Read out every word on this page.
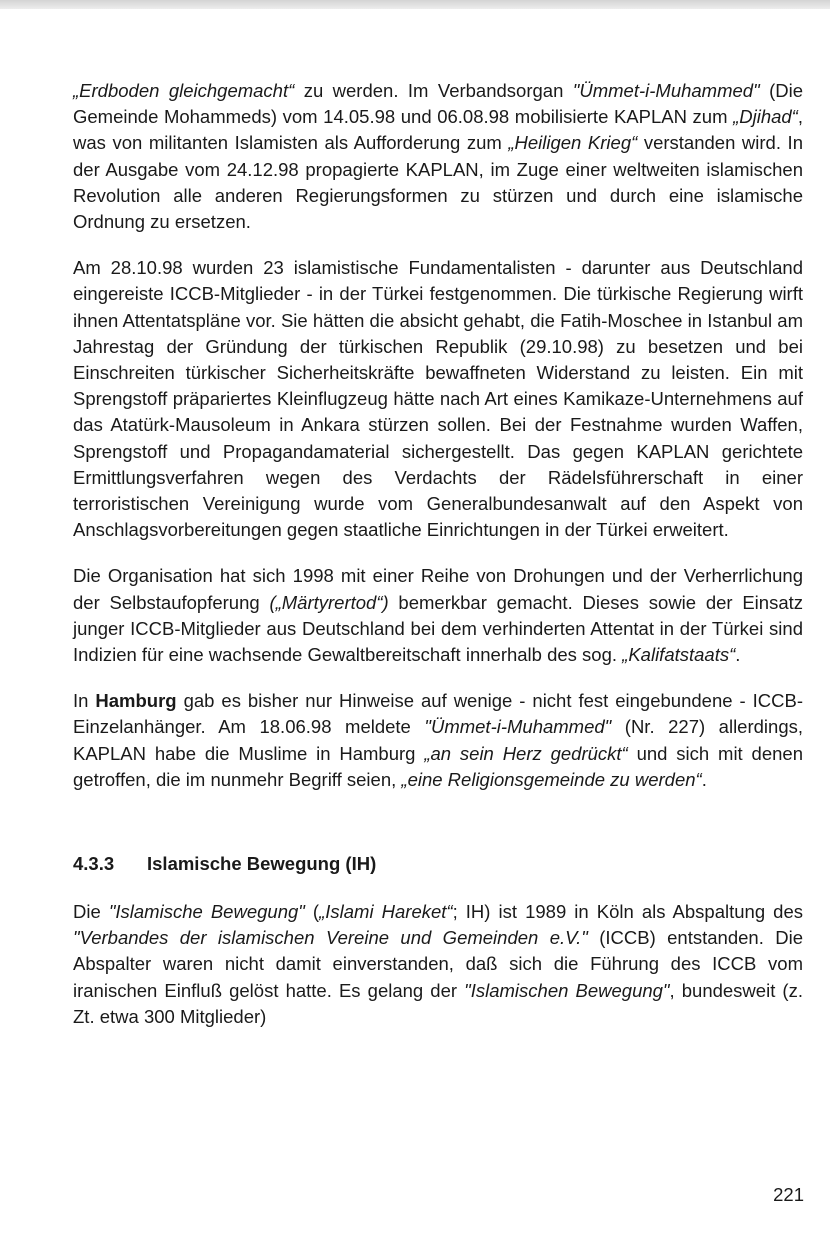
„Erdboden gleichgemacht“ zu werden. Im Verbandsorgan "Ümmet-i-Muhammed" (Die Gemeinde Mohammeds) vom 14.05.98 und 06.08.98 mobilisierte KAPLAN zum „Djihad“, was von militanten Islamisten als Aufforderung zum „Heiligen Krieg“ verstanden wird. In der Ausgabe vom 24.12.98 propagierte KAPLAN, im Zuge einer weltweiten islamischen Revolution alle anderen Regierungsformen zu stürzen und durch eine islamische Ordnung zu ersetzen.

Am 28.10.98 wurden 23 islamistische Fundamentalisten - darunter aus Deutschland eingereiste ICCB-Mitglieder - in der Türkei festgenommen. Die türkische Regierung wirft ihnen Attentatspläne vor. Sie hätten die absicht gehabt, die Fatih-Moschee in Istanbul am Jahrestag der Gründung der türkischen Republik (29.10.98) zu besetzen und bei Einschreiten türkischer Sicherheitskräfte bewaffneten Widerstand zu leisten. Ein mit Sprengstoff präpariertes Kleinflugzeug hätte nach Art eines Kamikaze-Unternehmens auf das Atatürk-Mausoleum in Ankara stürzen sollen. Bei der Festnahme wurden Waffen, Sprengstoff und Propagandamaterial sichergestellt. Das gegen KAPLAN gerichtete Ermittlungsverfahren wegen des Verdachts der Rädelsführerschaft in einer terroristischen Vereinigung wurde vom Generalbundesanwalt auf den Aspekt von Anschlagsvorbereitungen gegen staatliche Einrichtungen in der Türkei erweitert.

Die Organisation hat sich 1998 mit einer Reihe von Drohungen und der Verherrlichung der Selbstaufopferung („Märtyrertod“) bemerkbar gemacht. Dieses sowie der Einsatz junger ICCB-Mitglieder aus Deutschland bei dem verhinderten Attentat in der Türkei sind Indizien für eine wachsende Gewaltbereitschaft innerhalb des sog. „Kalifatstaats“.

In Hamburg gab es bisher nur Hinweise auf wenige - nicht fest eingebundene - ICCB-Einzelanhänger. Am 18.06.98 meldete "Ümmet-i-Muhammed" (Nr. 227) allerdings, KAPLAN habe die Muslime in Hamburg „an sein Herz gedrückt“ und sich mit denen getroffen, die im nunmehr Begriff seien, „eine Religionsgemeinde zu werden“.

4.3.3 Islamische Bewegung (IH)

Die "Islamische Bewegung" („Islami Hareket“; IH) ist 1989 in Köln als Abspaltung des "Verbandes der islamischen Vereine und Gemeinden e.V." (ICCB) entstanden. Die Abspalter waren nicht damit einverstanden, daß sich die Führung des ICCB vom iranischen Einfluß gelöst hatte. Es gelang der "Islamischen Bewegung", bundesweit (z. Zt. etwa 300 Mitglieder)

221
